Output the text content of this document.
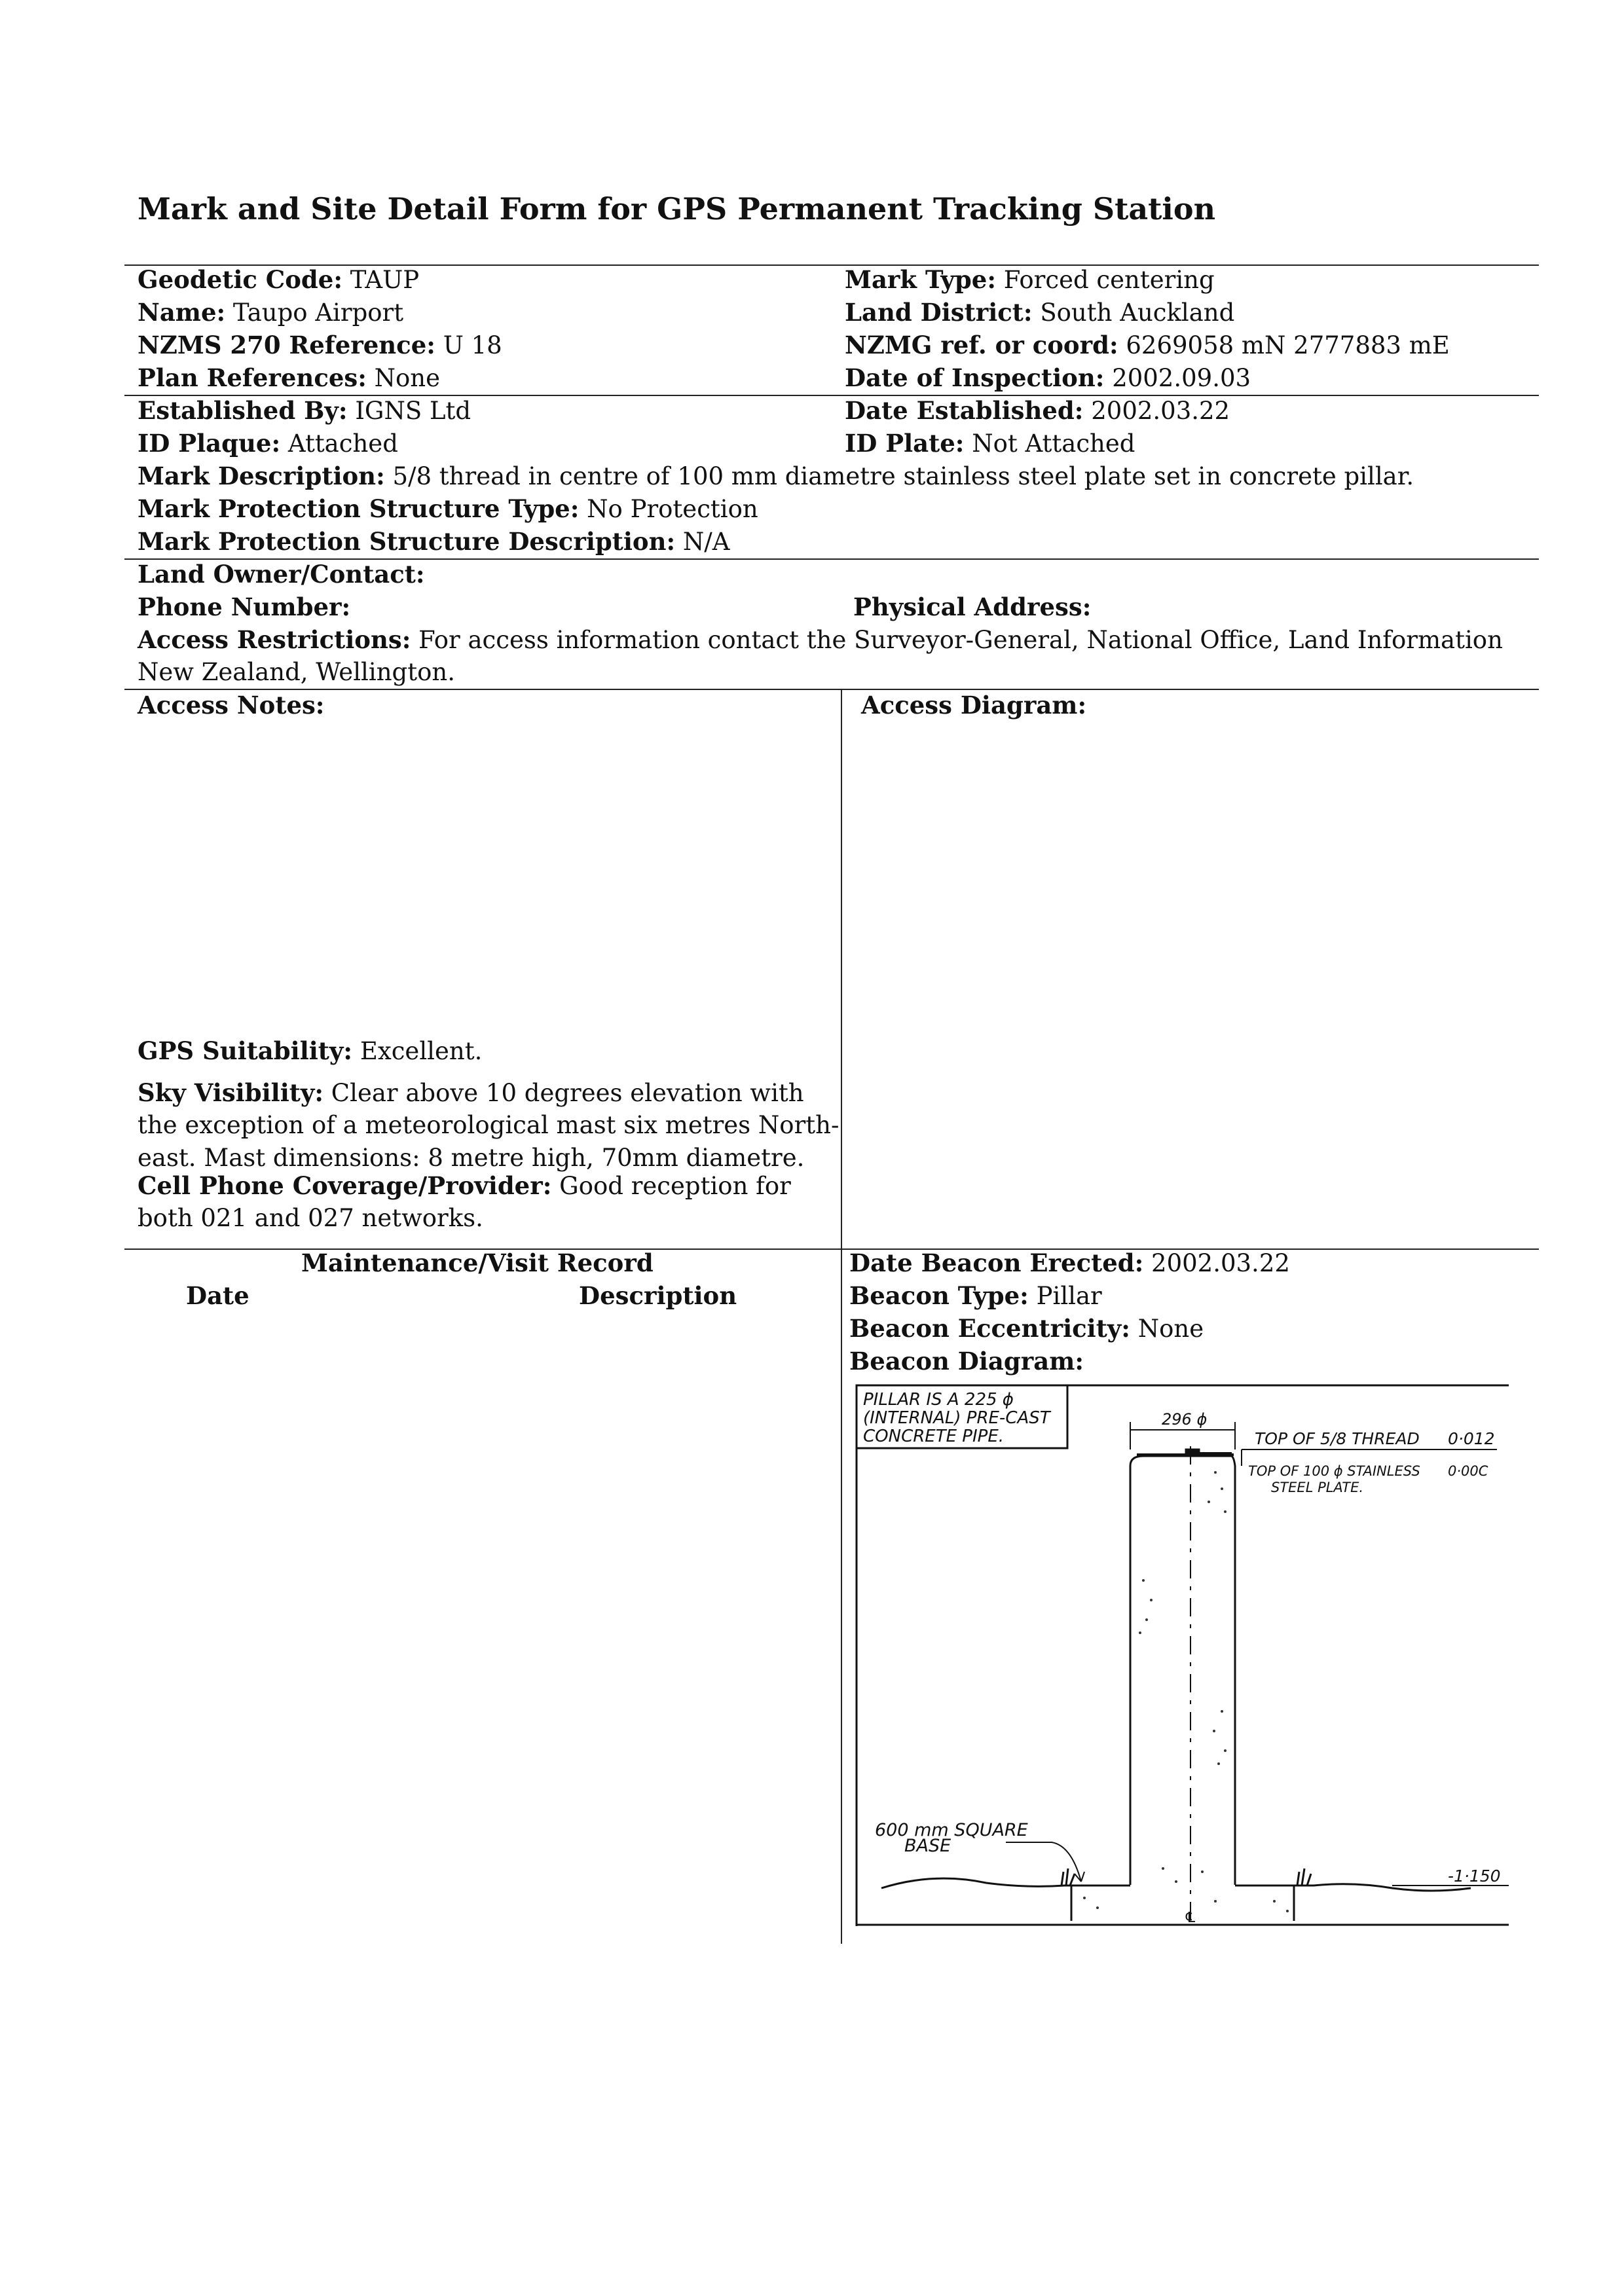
Mark and Site Detail Form for GPS Permanent Tracking Station
Geodetic Code: TAUP
Name: Taupo Airport
NZMS 270 Reference: U 18
Plan References: None
Mark Type: Forced centering
Land District: South Auckland
NZMG ref. or coord: 6269058 mN 2777883 mE
Date of Inspection: 2002.09.03
Established By: IGNS Ltd
ID Plaque: Attached
Date Established: 2002.03.22
ID Plate: Not Attached
Mark Description: 5/8 thread in centre of 100 mm diametre stainless steel plate set in concrete pillar.
Mark Protection Structure Type: No Protection
Mark Protection Structure Description: N/A
Land Owner/Contact:
Phone Number:	Physical Address:
Access Restrictions: For access information contact the Surveyor-General, National Office, Land Information
New Zealand, Wellington.
Access Notes:	Access Diagram:
GPS Suitability: Excellent.
Sky Visibility: Clear above 10 degrees elevation with
the exception of a meteorological mast six metres North-
east. Mast dimensions: 8 metre high, 70mm diametre.
Cell Phone Coverage/Provider: Good reception for
both 021 and 027 networks.
Maintenance/Visit Record
Date	Description
Date Beacon Erected: 2002.03.22
Beacon Type: Pillar
Beacon Eccentricity: None
Beacon Diagram:
PILLAR IS A 225 ϕ
(INTERNAL) PRE-CAST
CONCRETE PIPE.
296 ϕ
TOP OF 5/8 THREAD 0·012
TOP OF 100 ϕ STAINLESS
STEEL PLATE.
0·00C
600 mm SQUARE
BASE
-1·150
℄
